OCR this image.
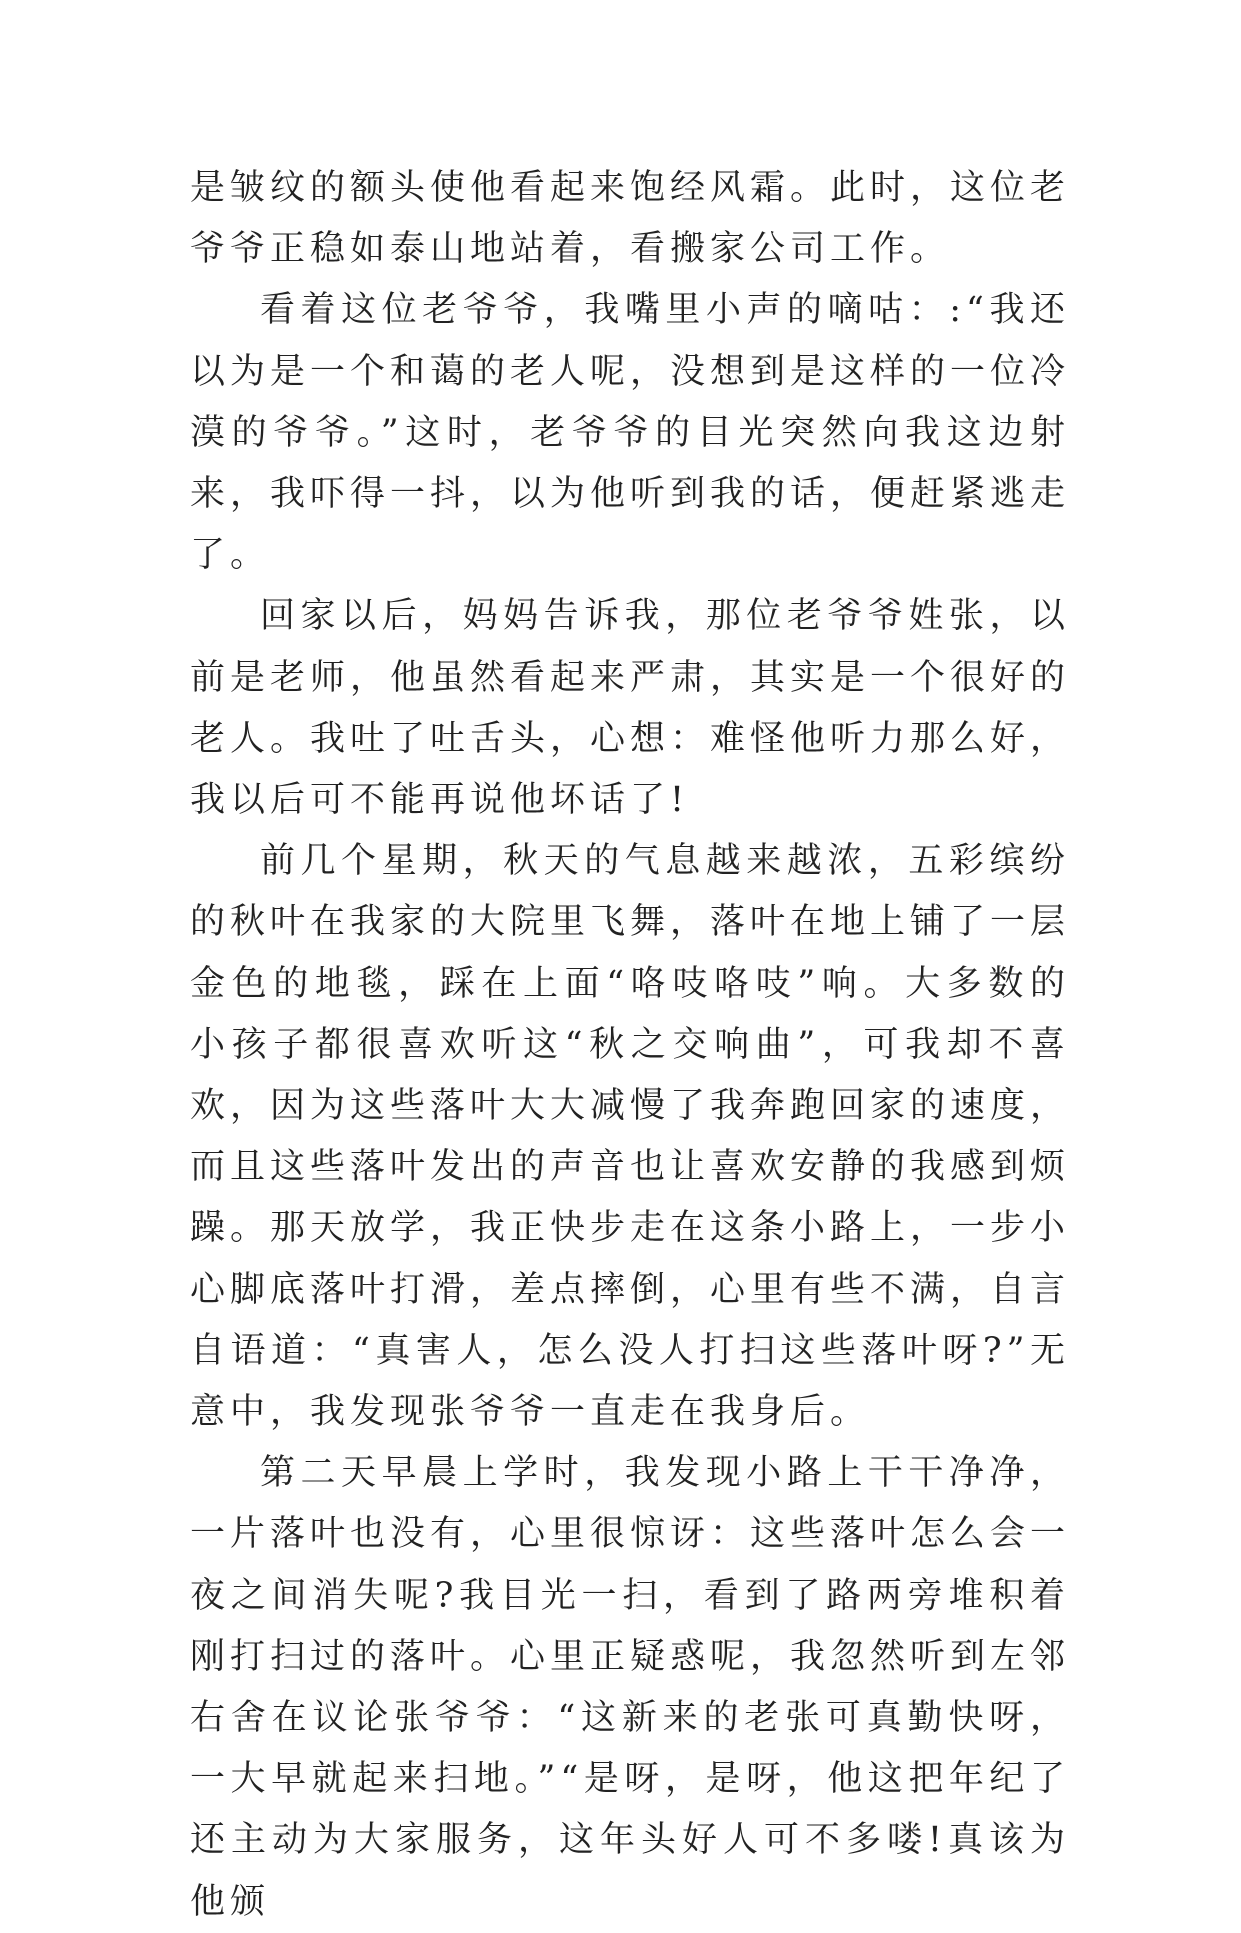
是皱纹的额头使他看起来饱经风霜。此时，这位老爷爷正稳如泰山地站着，看搬家公司工作。

看着这位老爷爷，我嘴里小声的嘀咕：:“我还以为是一个和蔼的老人呢，没想到是这样的一位冷漠的爷爷。”这时，老爷爷的目光突然向我这边射来，我吓得一抖，以为他听到我的话，便赶紧逃走了。

回家以后，妈妈告诉我，那位老爷爷姓张，以前是老师，他虽然看起来严肃，其实是一个很好的老人。我吐了吐舌头，心想：难怪他听力那么好，我以后可不能再说他坏话了!

前几个星期，秋天的气息越来越浓，五彩缤纷的秋叶在我家的大院里飞舞，落叶在地上铺了一层金色的地毯，踩在上面“咯吱咯吱”响。大多数的小孩子都很喜欢听这“秋之交响曲”，可我却不喜欢，因为这些落叶大大减慢了我奔跑回家的速度，而且这些落叶发出的声音也让喜欢安静的我感到烦躁。那天放学，我正快步走在这条小路上，一步小心脚底落叶打滑，差点摔倒，心里有些不满，自言自语道：“真害人，怎么没人打扫这些落叶呀?”无意中，我发现张爷爷一直走在我身后。

第二天早晨上学时，我发现小路上干干净净，一片落叶也没有，心里很惊讶：这些落叶怎么会一夜之间消失呢?我目光一扫，看到了路两旁堆积着刚打扫过的落叶。心里正疑惑呢，我忽然听到左邻右舍在议论张爷爷：“这新来的老张可真勤快呀，一大早就起来扫地。”“是呀，是呀，他这把年纪了还主动为大家服务，这年头好人可不多喽!真该为他颁
